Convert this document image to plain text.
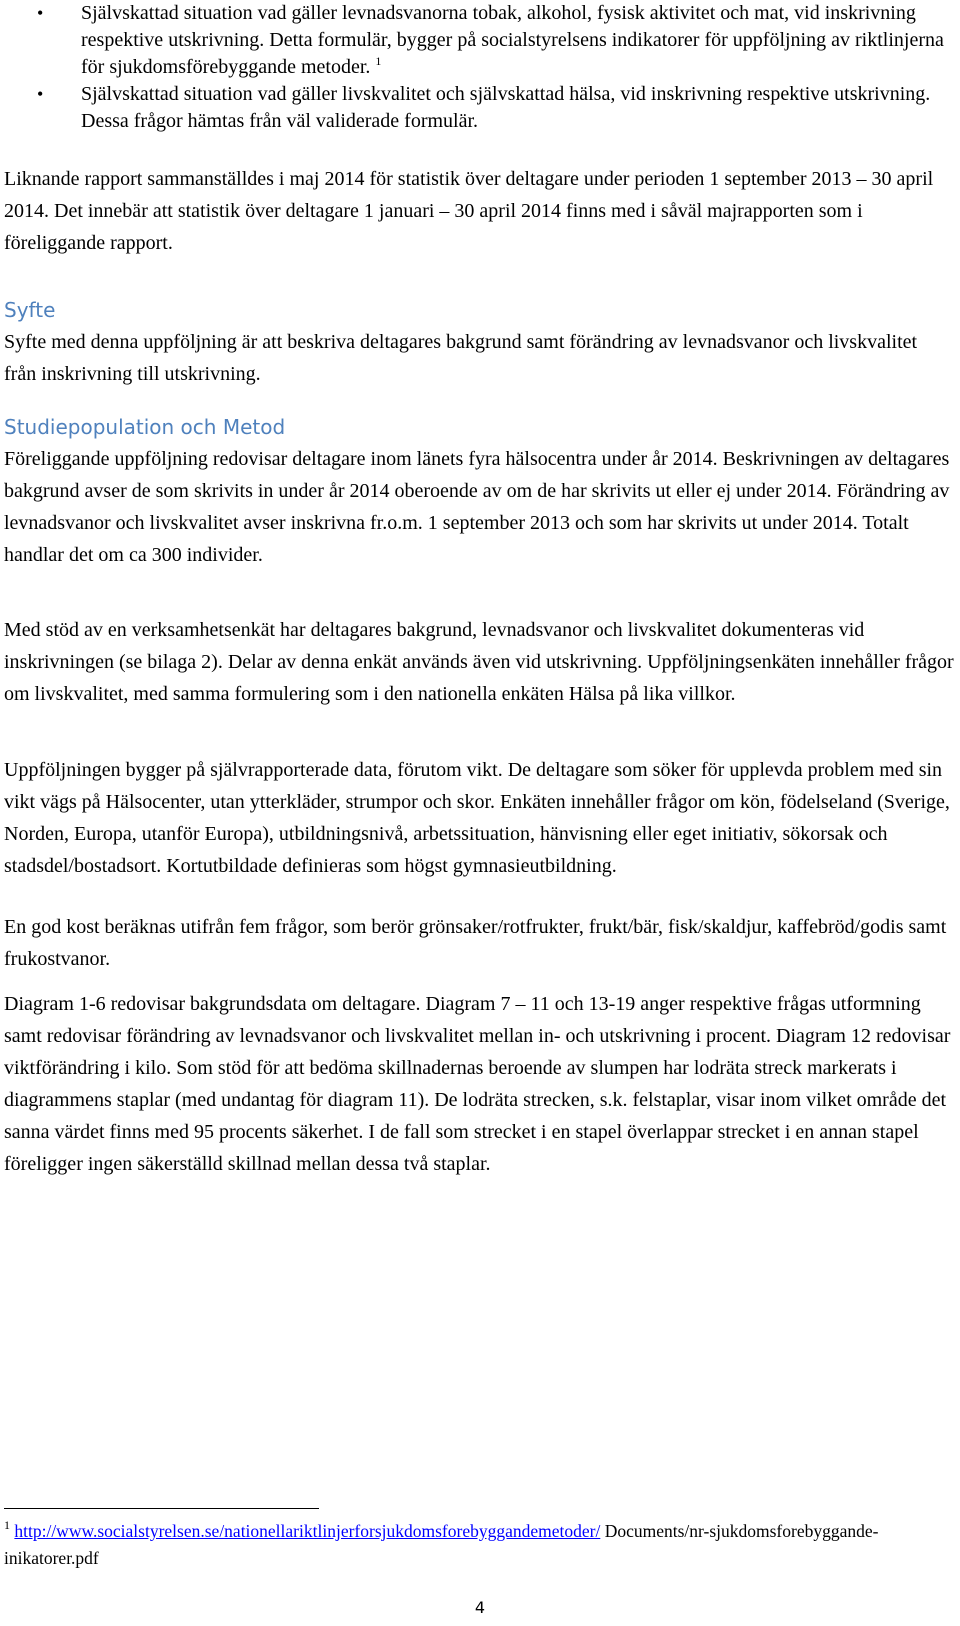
• Självskattad situation vad gäller levnadsvanorna tobak, alkohol, fysisk aktivitet och mat, vid inskrivning respektive utskrivning. Detta formulär, bygger på socialstyrelsens indikatorer för uppföljning av riktlinjerna för sjukdomsförebyggande metoder. $^1$
• Självskattad situation vad gäller livskvalitet och självskattad hälsa, vid inskrivning respektive utskrivning. Dessa frågor hämtas från väl validerade formulär.

Liknande rapport sammanställdes i maj 2014 för statistik över deltagare under perioden 1 september 2013 – 30 april 2014. Det innebär att statistik över deltagare 1 januari – 30 april 2014 finns med i såväl majrapporten som i föreliggande rapport.

Syfte

Syfte med denna uppföljning är att beskriva deltagares bakgrund samt förändring av levnadsvanor och livskvalitet från inskrivning till utskrivning.

Studiepopulation och Metod

Föreliggande uppföljning redovisar deltagare inom länets fyra hälsocentra under år 2014. Beskrivningen av deltagares bakgrund avser de som skrivits in under år 2014 oberoende av om de har skrivits ut eller ej under 2014. Förändring av levnadsvanor och livskvalitet avser inskrivna fr.o.m. 1 september 2013 och som har skrivits ut under 2014. Totalt handlar det om ca 300 individer.

Med stöd av en verksamhetsenkät har deltagares bakgrund, levnadsvanor och livskvalitet dokumenteras vid inskrivningen (se bilaga 2). Delar av denna enkät används även vid utskrivning. Uppföljningsenkäten innehåller frågor om livskvalitet, med samma formulering som i den nationella enkäten Hälsa på lika villkor.

Uppföljningen bygger på självrapporterade data, förutom vikt. De deltagare som söker för upplevda problem med sin vikt vägs på Hälsocenter, utan ytterkläder, strumpor och skor. Enkäten innehåller frågor om kön, födelseland (Sverige, Norden, Europa, utanför Europa), utbildningsnivå, arbetssituation, hänvisning eller eget initiativ, sökorsak och stadsdel/bostadsort. Kortutbildade definieras som högst gymnasieutbildning.

En god kost beräknas utifrån fem frågor, som berör grönsaker/rotfrukter, frukt/bär, fisk/skaldjur, kaffebröd/godis samt frukostvanor.

Diagram 1-6 redovisar bakgrundsdata om deltagare. Diagram 7 – 11 och 13-19 anger respektive frågas utformning samt redovisar förändring av levnadsvanor och livskvalitet mellan in- och utskrivning i procent. Diagram 12 redovisar viktförändring i kilo. Som stöd för att bedöma skillnadernas beroende av slumpen har lodräta streck markerats i diagrammens staplar (med undantag för diagram 11). De lodräta strecken, s.k. felstaplar, visar inom vilket område det sanna värdet finns med 95 procents säkerhet. I de fall som strecket i en stapel överlappar strecket i en annan stapel föreligger ingen säkerställd skillnad mellan dessa två staplar.

$^1$ http://www.socialstyrelsen.se/nationellariktlinjerforsjukdomsforebyggandemetoder/ Documents/nr-sjukdomsforebyggande-inikatorer.pdf

4
